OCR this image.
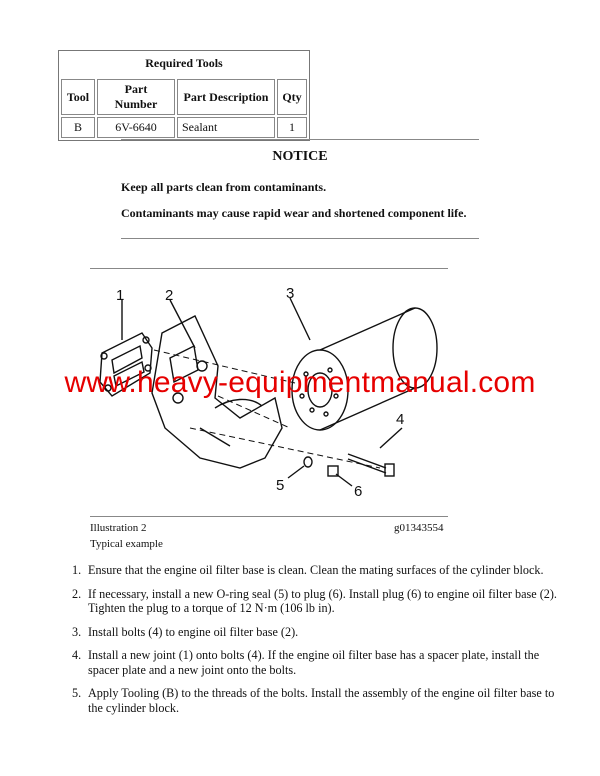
Required Tools			
Tool	Part Number	Part Description	Qty
B	6V-6640	Sealant	1
NOTICE
Keep all parts clean from contaminants.
Contaminants may cause rapid wear and shortened component life.
1	2	3
4
5	6
www.heavy-equipmentmanual.com
Illustration 2	g01343554
Typical example
1. Ensure that the engine oil filter base is clean. Clean the mating surfaces of the cylinder block.
2. If necessary, install a new O-ring seal (5) to plug (6). Install plug (6) to engine oil filter base (2). Tighten the plug to a torque of 12 N·m (106 lb in).
3. Install bolts (4) to engine oil filter base (2).
4. Install a new joint (1) onto bolts (4). If the engine oil filter base has a spacer plate, install the spacer plate and a new joint onto the bolts.
5. Apply Tooling (B) to the threads of the bolts. Install the assembly of the engine oil filter base to the cylinder block.
